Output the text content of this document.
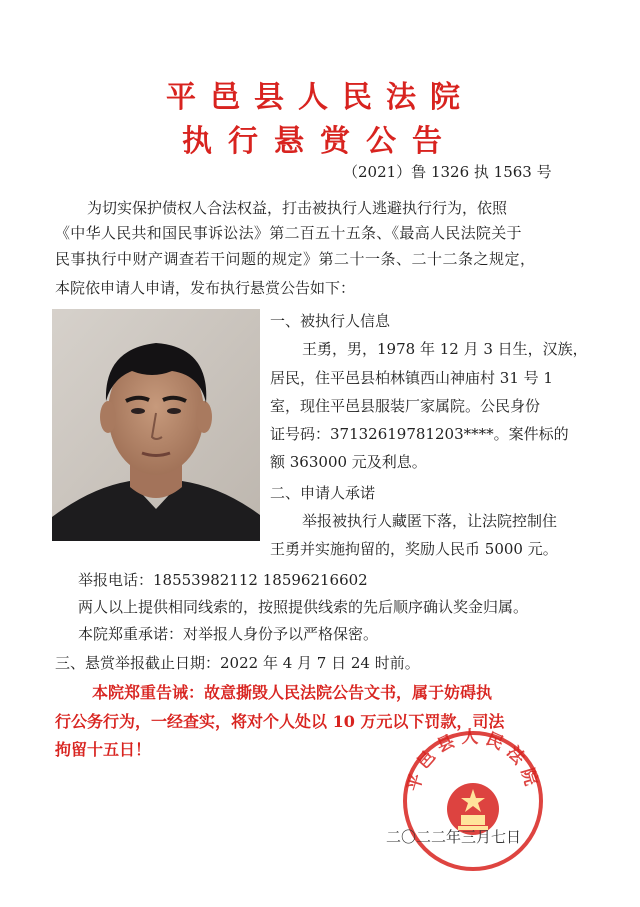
平邑县人民法院
执行悬赏公告
（2021）鲁 1326 执 1563 号
为切实保护债权人合法权益，打击被执行人逃避执行行为，依照
《中华人民共和国民事诉讼法》第二百五十五条、《最高人民法院关于
民事执行中财产调查若干问题的规定》第二十一条、二十二条之规定，
本院依申请人申请，发布执行悬赏公告如下：
一、被执行人信息
王勇，男，1978 年 12 月 3 日生，汉族，
居民，住平邑县柏林镇西山神庙村 31 号 1
室，现住平邑县服装厂家属院。公民身份
证号码：37132619781203****。案件标的
额 363000 元及利息。
二、申请人承诺
举报被执行人藏匿下落，让法院控制住
王勇并实施拘留的，奖励人民币 5000 元。
举报电话：18553982112 18596216602
两人以上提供相同线索的，按照提供线索的先后顺序确认奖金归属。
本院郑重承诺：对举报人身份予以严格保密。
三、悬赏举报截止日期：2022 年 4 月 7 日 24 时前。
本院郑重告诫：故意撕毁人民法院公告文书，属于妨碍执
行公务行为，一经查实，将对个人处以 10 万元以下罚款，司法
拘留十五日！
平邑县人民法院
二〇二二年三月七日
